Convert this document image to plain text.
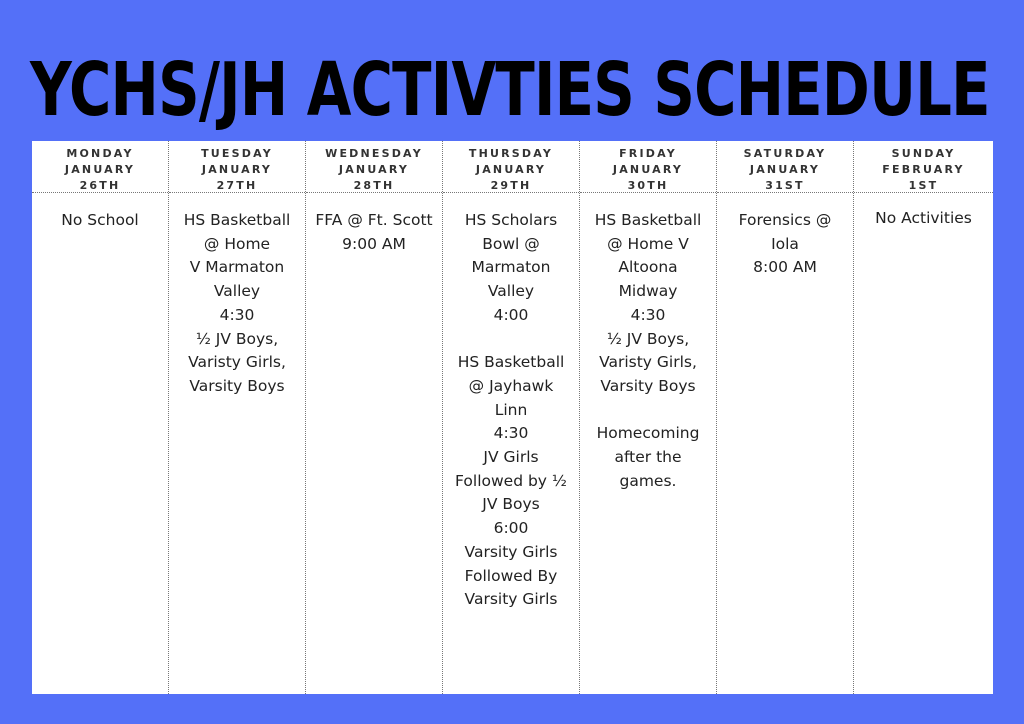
YCHS/JH ACTIVTIES SCHEDULE
MONDAY
JANUARY
26TH
No School
TUESDAY
JANUARY
27TH
HS Basketball
@ Home
V Marmaton
Valley
4:30
½ JV Boys,
Varisty Girls,
Varsity Boys
WEDNESDAY
JANUARY
28TH
FFA @ Ft. Scott
9:00 AM
THURSDAY
JANUARY
29TH
HS Scholars
Bowl @
Marmaton
Valley
4:00
HS Basketball
@ Jayhawk
Linn
4:30
JV Girls
Followed by ½
JV Boys
6:00
Varsity Girls
Followed By
Varsity Girls
FRIDAY
JANUARY
30TH
HS Basketball
@ Home V
Altoona
Midway
4:30
½ JV Boys,
Varisty Girls,
Varsity Boys
Homecoming
after the
games.
SATURDAY
JANUARY
31ST
Forensics @
Iola
8:00 AM
SUNDAY
FEBRUARY
1ST
No Activities
